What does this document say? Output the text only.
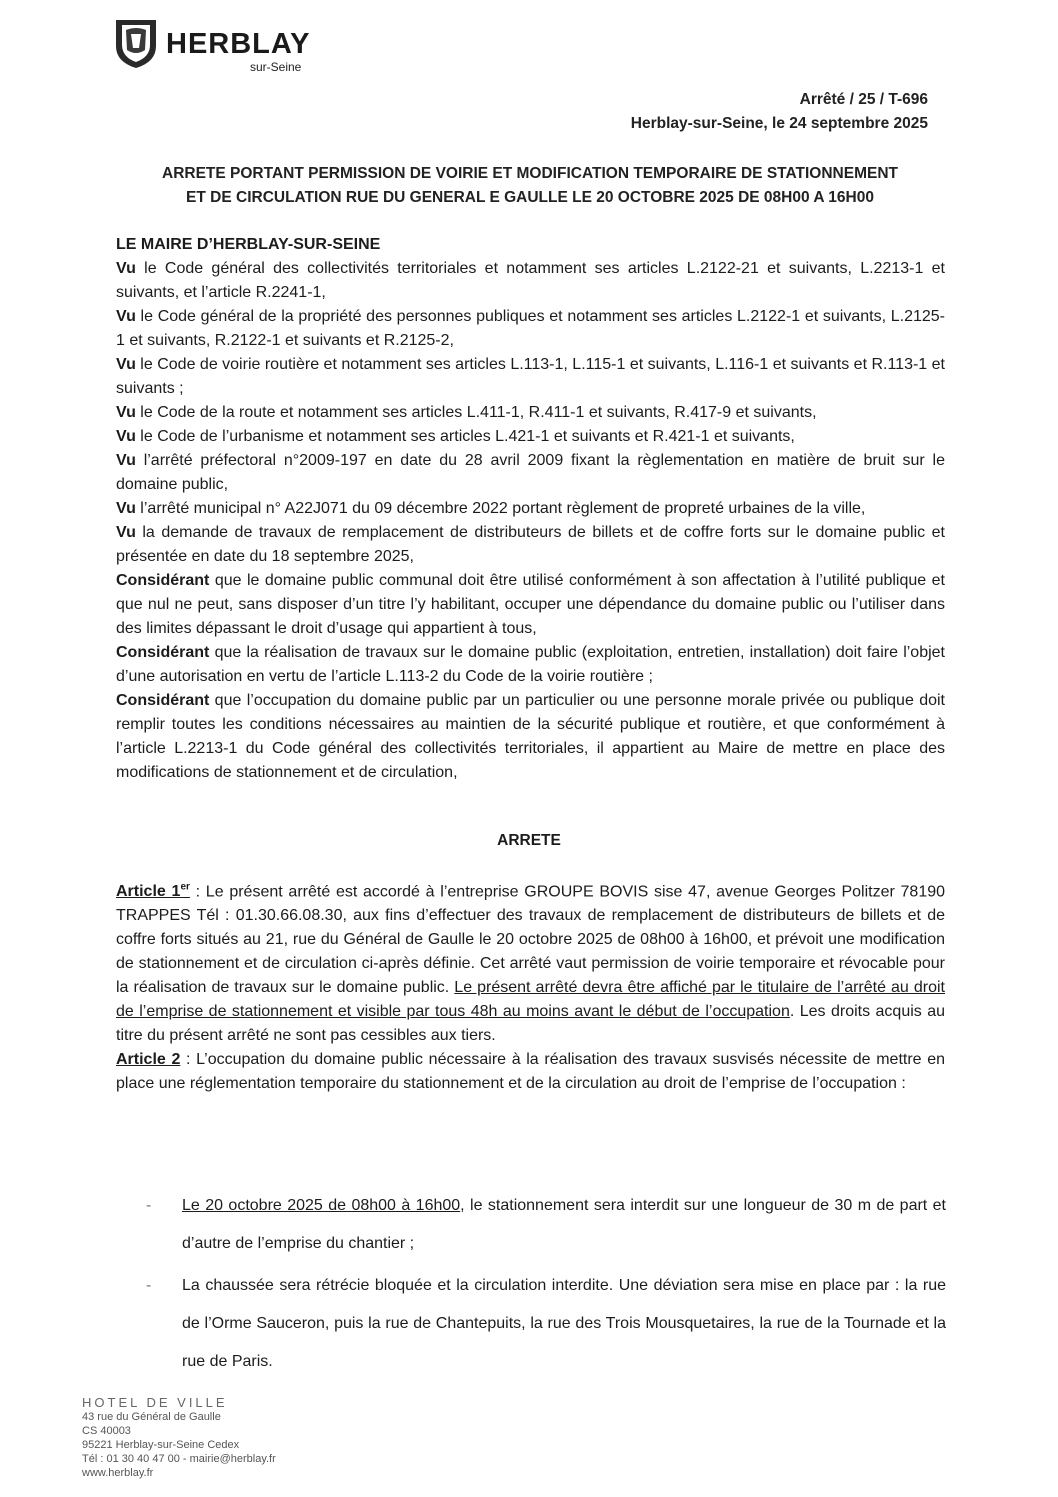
HERBLAY
sur-Seine
Arrêté / 25 / T-696
Herblay-sur-Seine, le 24 septembre 2025
ARRETE PORTANT PERMISSION DE VOIRIE ET MODIFICATION TEMPORAIRE DE STATIONNEMENT
ET DE CIRCULATION RUE DU GENERAL E GAULLE LE 20 OCTOBRE 2025 DE 08H00 A 16H00

LE MAIRE D’HERBLAY-SUR-SEINE

Vu le Code général des collectivités territoriales et notamment ses articles L.2122-21 et suivants, L.2213-1 et suivants, et l’article R.2241-1,

Vu le Code général de la propriété des personnes publiques et notamment ses articles L.2122-1 et suivants, L.2125-1 et suivants, R.2122-1 et suivants et R.2125-2,

Vu le Code de voirie routière et notamment ses articles L.113-1, L.115-1 et suivants, L.116-1 et suivants et R.113-1 et suivants ;

Vu le Code de la route et notamment ses articles L.411-1, R.411-1 et suivants, R.417-9 et suivants,

Vu le Code de l’urbanisme et notamment ses articles L.421-1 et suivants et R.421-1 et suivants,

Vu l’arrêté préfectoral n°2009-197 en date du 28 avril 2009 fixant la règlementation en matière de bruit sur le domaine public,

Vu l’arrêté municipal n° A22J071 du 09 décembre 2022 portant règlement de propreté urbaines de la ville,

Vu la demande de travaux de remplacement de distributeurs de billets et de coffre forts sur le domaine public et présentée en date du 18 septembre 2025,

Considérant que le domaine public communal doit être utilisé conformément à son affectation à l’utilité publique et que nul ne peut, sans disposer d’un titre l’y habilitant, occuper une dépendance du domaine public ou l’utiliser dans des limites dépassant le droit d’usage qui appartient à tous,

Considérant que la réalisation de travaux sur le domaine public (exploitation, entretien, installation) doit faire l’objet d’une autorisation en vertu de l’article L.113-2 du Code de la voirie routière ;

Considérant que l’occupation du domaine public par un particulier ou une personne morale privée ou publique doit remplir toutes les conditions nécessaires au maintien de la sécurité publique et routière, et que conformément à l’article L.2213-1 du Code général des collectivités territoriales, il appartient au Maire de mettre en place des modifications de stationnement et de circulation,

ARRETE

Article 1er : Le présent arrêté est accordé à l’entreprise GROUPE BOVIS sise 47, avenue Georges Politzer 78190 TRAPPES Tél : 01.30.66.08.30, aux fins d’effectuer des travaux de remplacement de distributeurs de billets et de coffre forts situés au 21, rue du Général de Gaulle le 20 octobre 2025 de 08h00 à 16h00, et prévoit une modification de stationnement et de circulation ci-après définie. Cet arrêté vaut permission de voirie temporaire et révocable pour la réalisation de travaux sur le domaine public. Le présent arrêté devra être affiché par le titulaire de l’arrêté au droit de l’emprise de stationnement et visible par tous 48h au moins avant le début de l’occupation. Les droits acquis au titre du présent arrêté ne sont pas cessibles aux tiers.

Article 2 : L’occupation du domaine public nécessaire à la réalisation des travaux susvisés nécessite de mettre en place une réglementation temporaire du stationnement et de la circulation au droit de l’emprise de l’occupation :

- Le 20 octobre 2025 de 08h00 à 16h00, le stationnement sera interdit sur une longueur de 30 m de part et d’autre de l’emprise du chantier ;
- La chaussée sera rétrécie bloquée et la circulation interdite. Une déviation sera mise en place par : la rue de l’Orme Sauceron, puis la rue de Chantepuits, la rue des Trois Mousquetaires, la rue de la Tournade et la rue de Paris.
HOTEL DE VILLE
43 rue du Général de Gaulle
CS 40003
95221 Herblay-sur-Seine Cedex
Tél : 01 30 40 47 00 - mairie@herblay.fr
www.herblay.fr
